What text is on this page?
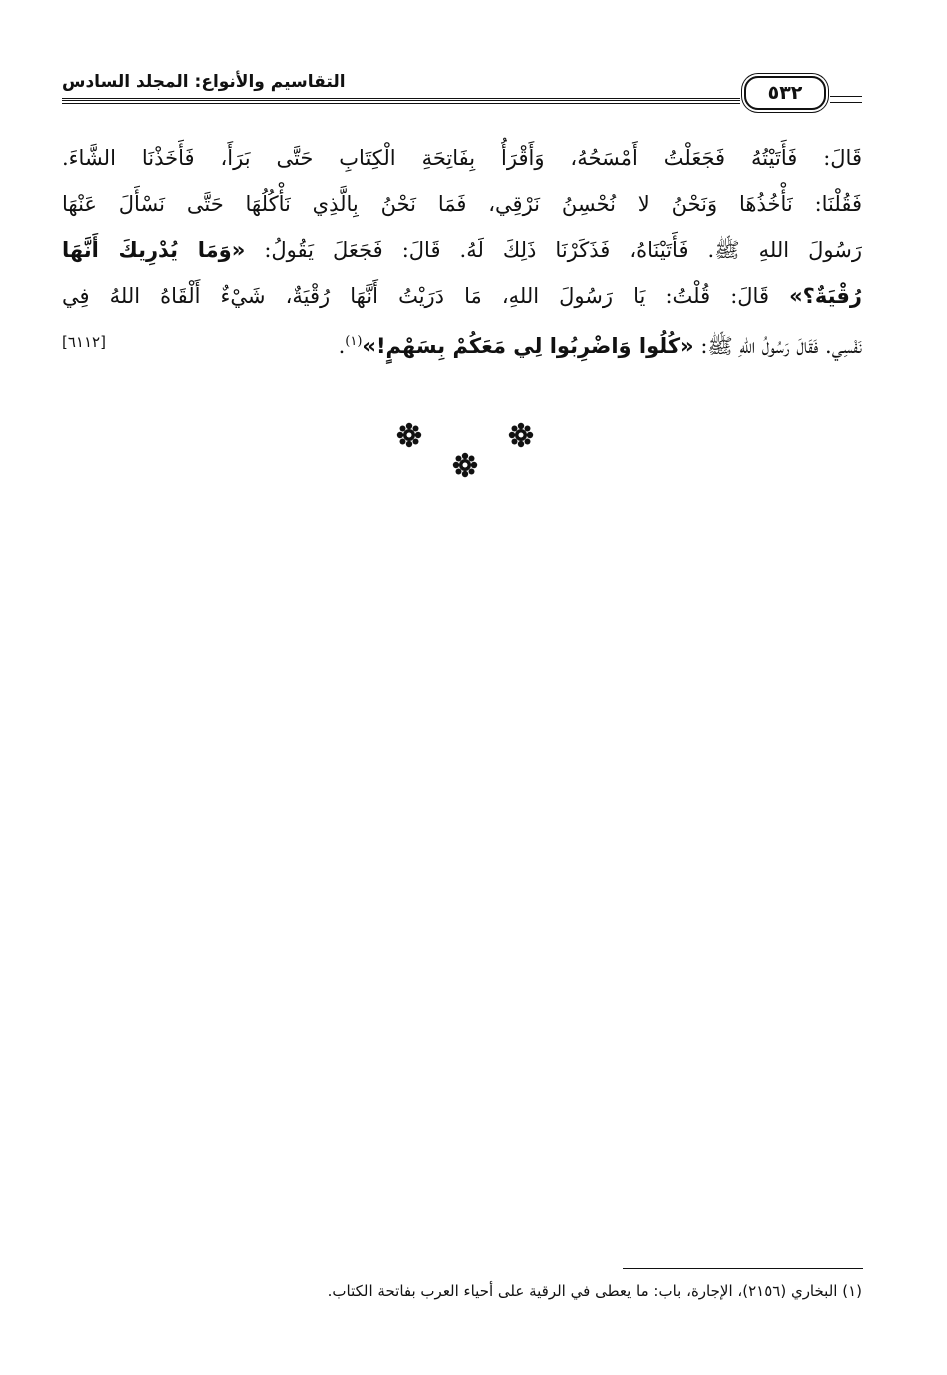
التقاسيم والأنواع: المجلد السادس	٥٣٢
قَالَ: فَأَتَيْتُهُ فَجَعَلْتُ أَمْسَحُهُ، وَأَقْرَأُ بِفَاتِحَةِ الْكِتَابِ حَتَّى بَرَأَ، فَأَخَذْنَا الشَّاءَ.
فَقُلْنَا: نَأْخُذُهَا وَنَحْنُ لا نُحْسِنُ نَرْقِي، فَمَا نَحْنُ بِالَّذِي نَأْكُلُهَا حَتَّى نَسْأَلَ عَنْهَا
رَسُولَ اللهِ ﷺ. فَأَتَيْنَاهُ، فَذَكَرْنَا ذَلِكَ لَهُ. قَالَ: فَجَعَلَ يَقُولُ: «وَمَا يُدْرِيكَ أَنَّهَا
رُقْيَةٌ؟» قَالَ: قُلْتُ: يَا رَسُولَ اللهِ، مَا دَرَيْتُ أَنَّهَا رُقْيَةٌ، شَيْءٌ أَلْقَاهُ اللهُ فِي
نَفْسِي. فَقَالَ رَسُولُ اللهِ ﷺ: «كُلُوا وَاضْرِبُوا لِي مَعَكُمْ بِسَهْمٍ!»$^{(١)}$.
[٦١١٢]
(١) البخاري (٢١٥٦)، الإجارة، باب: ما يعطى في الرقية على أحياء العرب بفاتحة الكتاب.
